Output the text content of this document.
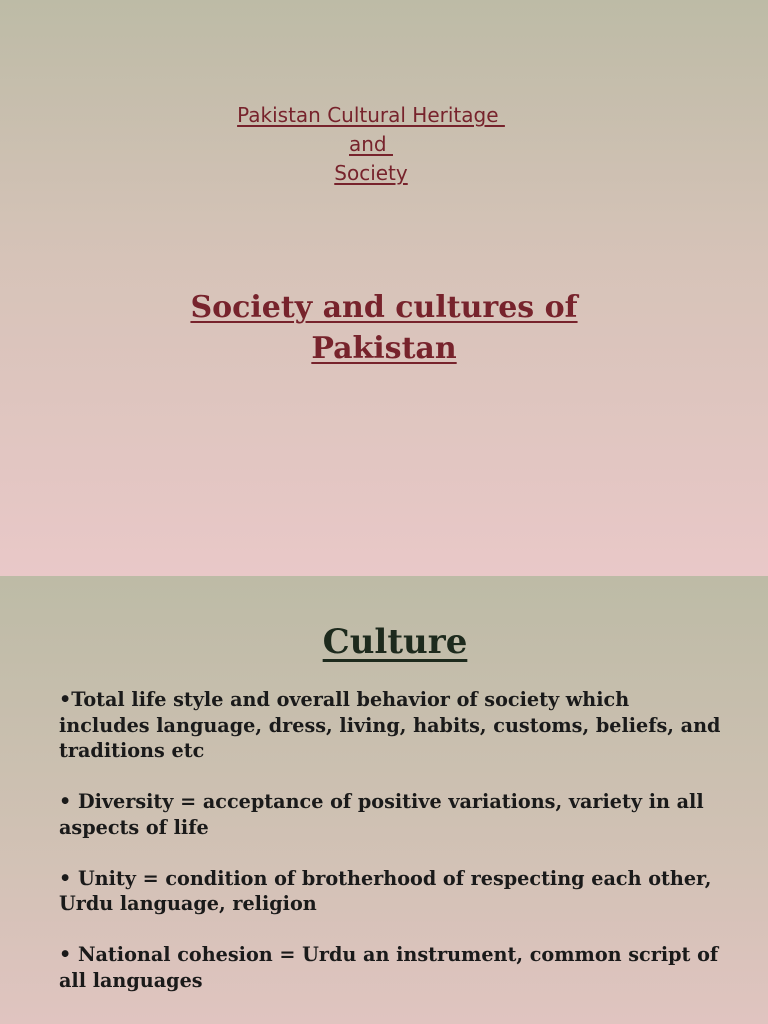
Pakistan Cultural Heritage
and
Society
Society and cultures of
Pakistan
Culture
•Total life style and overall behavior of society which
includes language, dress, living, habits, customs, beliefs, and
traditions etc
• Diversity = acceptance of positive variations, variety in all
aspects of life
• Unity = condition of brotherhood of respecting each other,
Urdu language, religion
• National cohesion = Urdu an instrument, common script of
all languages
